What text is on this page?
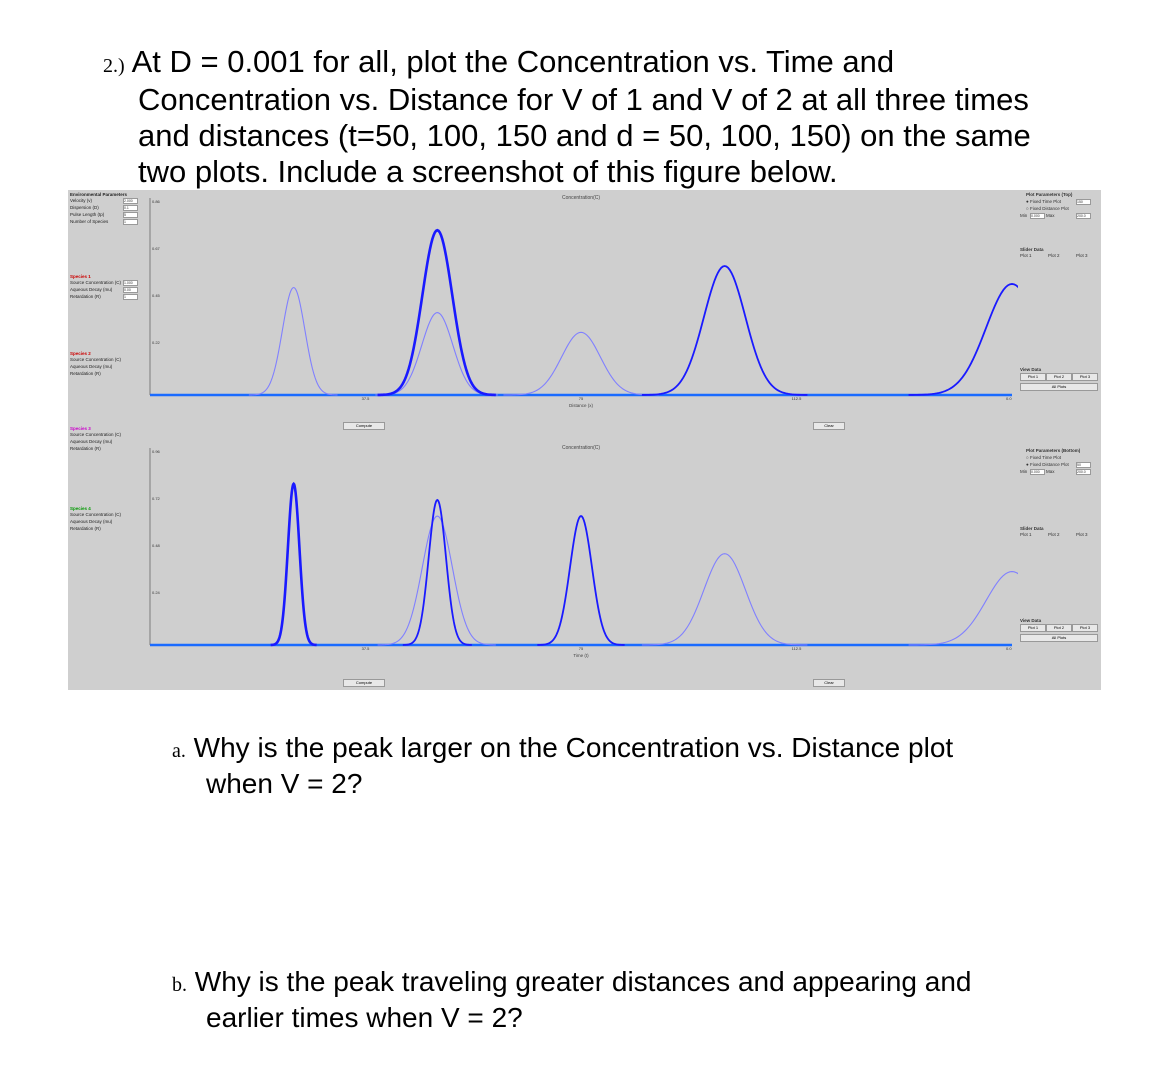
2.) At D = 0.001 for all, plot the Concentration vs. Time and
Concentration vs. Distance for V of 1 and V of 2 at all three times
and distances (t=50, 100, 150 and d = 50, 100, 150) on the same
two plots. Include a screenshot of this figure below.
Environmental Parameters
Velocity (v)	2.000
Dispersion (D)	0.1
Pulse Length (tp)	5
Number of Species	1
Species 1
Source Concentration (C) 1.000
Aqueous Decay (mu)	0.00
Retardation (R)	1
Species 2
Source Concentration (C)
Aqueous Decay (mu)
Retardation (R)
Species 3
Source Concentration (C)
Aqueous Decay (mu)
Retardation (R)
Species 4
Source Concentration (C)
Aqueous Decay (mu)
Retardation (R)
0.86
0.67
0.45
0.22
37.5	75	112.5	0.0
Concentration(C)
Distance (x)
Compute	Clear
0.96
0.72
0.48
0.24
37.5	75	112.5	0.0
Concentration(C)
Time (t)
Compute	Clear
Plot Parameters (Top)
● Fixed Time Plot	150
○ Fixed Distance Plot
Min 0.000	Max	200.0
Slider Data
Plot 1	Plot 2	Plot 3
View Data
Plot 1	Plot 2	Plot 3
All Plots
Plot Parameters (Bottom)
○ Fixed Time Plot
● Fixed Distance Plot 50
Min 0.000	Max	200.0
Slider Data
Plot 1	Plot 2	Plot 3
View Data
Plot 1	Plot 2	Plot 3
All Plots
a. Why is the peak larger on the Concentration vs. Distance plot
when V = 2?
b. Why is the peak traveling greater distances and appearing and
earlier times when V = 2?
